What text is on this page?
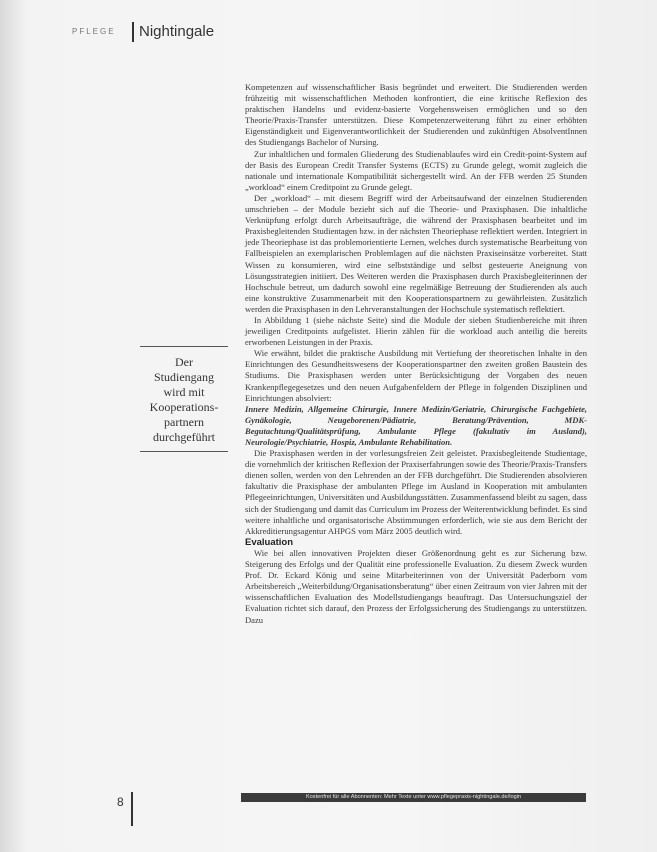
PFLEGE Nightingale
Der
Studiengang
wird mit
Kooperations-
partnern
durchgeführt

Kompetenzen auf wissenschaftlicher Basis begründet und erweitert. Die Studierenden werden frühzeitig mit wissenschaftlichen Methoden konfrontiert, die eine kritische Reflexion des praktischen Handelns und evidenz-basierte Vorgehensweisen ermöglichen und so den Theorie/Praxis-Transfer unterstützen. Diese Kompetenzerweiterung führt zu einer erhöhten Eigenständigkeit und Eigenverantwortlichkeit der Studierenden und zukünftigen AbsolventInnen des Studiengangs Bachelor of Nursing.

Zur inhaltlichen und formalen Gliederung des Studienablaufes wird ein Credit-point-System auf der Basis des European Credit Transfer Systems (ECTS) zu Grunde gelegt, womit zugleich die nationale und internationale Kompatibilität sichergestellt wird. An der FFB werden 25 Stunden „workload“ einem Creditpoint zu Grunde gelegt.

Der „workload“ – mit diesem Begriff wird der Arbeitsaufwand der einzelnen Studierenden umschrieben – der Module bezieht sich auf die Theorie- und Praxisphasen. Die inhaltliche Verknüpfung erfolgt durch Arbeitsaufträge, die während der Praxisphasen bearbeitet und im Praxisbegleitenden Studientagen bzw. in der nächsten Theoriephase reflektiert werden. Integriert in jede Theoriephase ist das problemorientierte Lernen, welches durch systematische Bearbeitung von Fallbeispielen an exemplarischen Problemlagen auf die nächsten Praxiseinsätze vorbereitet. Statt Wissen zu konsumieren, wird eine selbstständige und selbst gesteuerte Aneignung von Lösungsstrategien initiiert. Des Weiteren werden die Praxisphasen durch Praxisbegleiterinnen der Hochschule betreut, um dadurch sowohl eine regelmäßige Betreuung der Studierenden als auch eine konstruktive Zusammenarbeit mit den Kooperationspartnern zu gewährleisten. Zusätzlich werden die Praxisphasen in den Lehrveranstaltungen der Hochschule systematisch reflektiert.

In Abbildung 1 (siehe nächste Seite) sind die Module der sieben Studienbereiche mit ihren jeweiligen Creditpoints aufgelistet. Hierin zählen für die workload auch anteilig die bereits erworbenen Leistungen in der Praxis.

Wie erwähnt, bildet die praktische Ausbildung mit Vertiefung der theoretischen Inhalte in den Einrichtungen des Gesundheitswesens der Kooperationspartner den zweiten großen Baustein des Studiums. Die Praxisphasen werden unter Berücksichtigung der Vorgaben des neuen Krankenpflegegesetzes und den neuen Aufgabenfeldern der Pflege in folgenden Disziplinen und Einrichtungen absolviert:

Innere Medizin, Allgemeine Chirurgie, Innere Medizin/Geriatrie, Chirurgische Fachgebiete, Gynäkologie, Neugeborenen/Pädiatrie, Beratung/Prävention, MDK-Begutachtung/Qualitätsprüfung, Ambulante Pflege (fakultativ im Ausland), Neurologie/Psychiatrie, Hospiz, Ambulante Rehabilitation.

Die Praxisphasen werden in der vorlesungsfreien Zeit geleistet. Praxisbegleitende Studientage, die vornehmlich der kritischen Reflexion der Praxiserfahrungen sowie des Theorie/Praxis-Transfers dienen sollen, werden von den Lehrenden an der FFB durchgeführt. Die Studierenden absolvieren fakultativ die Praxisphase der ambulanten Pflege im Ausland in Kooperation mit ambulanten Pflegeeinrichtungen, Universitäten und Ausbildungsstätten. Zusammenfassend bleibt zu sagen, dass sich der Studiengang und damit das Curriculum im Prozess der Weiterentwicklung befindet. Es sind weitere inhaltliche und organisatorische Abstimmungen erforderlich, wie sie aus dem Bericht der Akkreditierungsagentur AHPGS vom März 2005 deutlich wird.

Evaluation

Wie bei allen innovativen Projekten dieser Größenordnung geht es zur Sicherung bzw. Steigerung des Erfolgs und der Qualität eine professionelle Evaluation. Zu diesem Zweck wurden Prof. Dr. Eckard König und seine Mitarbeiterinnen von der Universität Paderborn vom Arbeitsbereich „Weiterbildung/Organisationsberatung“ über einen Zeitraum von vier Jahren mit der wissenschaftlichen Evaluation des Modellstudiengangs beauftragt. Das Untersuchungsziel der Evaluation richtet sich darauf, den Prozess der Erfolgssicherung des Studiengangs zu unterstützen. Dazu

8	Kostenfrei für alle Abonnenten: Mehr Texte unter www.pflegepraxis-nightingale.de/login
